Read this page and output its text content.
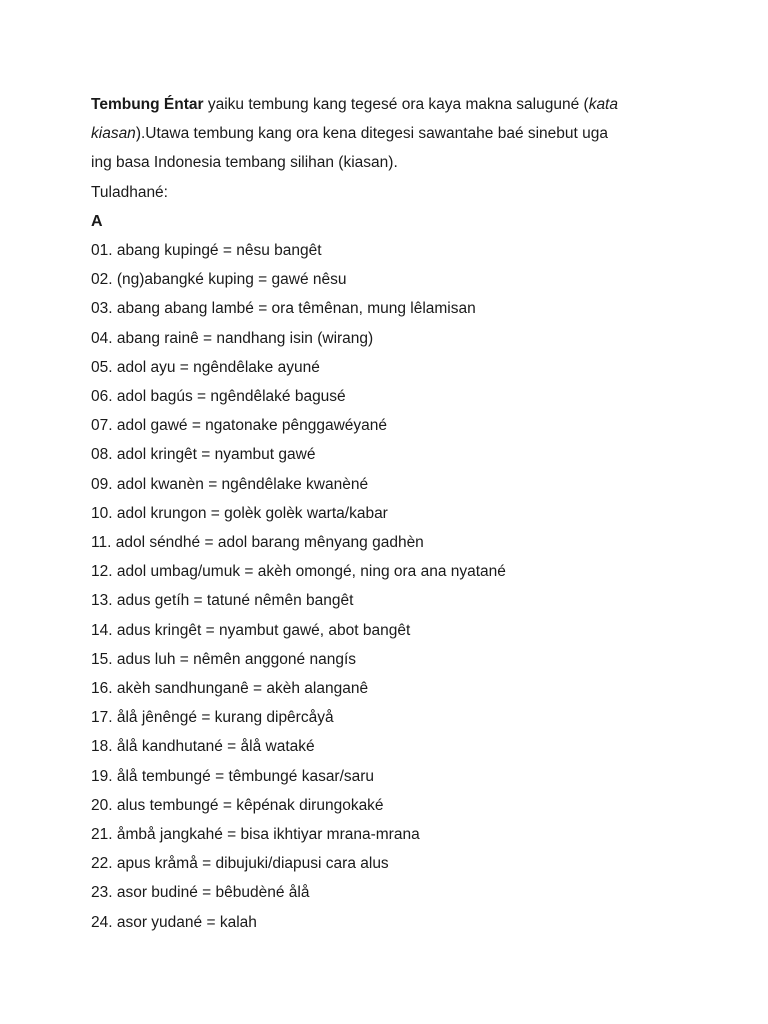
Tembung Éntar yaiku tembung kang tegesé ora kaya makna saluguné (kata
kiasan).Utawa tembung kang ora kena ditegesi sawantahe baé sinebut uga
ing basa Indonesia tembang silihan (kiasan).
Tuladhané:
A
01. abang kupingé = nêsu bangêt
02. (ng)abangké kuping = gawé nêsu
03. abang abang lambé = ora têmênan, mung lêlamisan
04. abang rainê = nandhang isin (wirang)
05. adol ayu = ngêndêlake ayuné
06. adol bagús = ngêndêlaké bagusé
07. adol gawé = ngatonake pênggawéyané
08. adol kringêt = nyambut gawé
09. adol kwanèn = ngêndêlake kwanèné
10. adol krungon = golèk golèk warta/kabar
11. adol séndhé = adol barang mênyang gadhèn
12. adol umbag/umuk = akèh omongé, ning ora ana nyatané
13. adus getíh = tatuné nêmên bangêt
14. adus kringêt = nyambut gawé, abot bangêt
15. adus luh = nêmên anggoné nangís
16. akèh sandhunganê = akèh alanganê
17. ålå jênêngé = kurang dipêrcåyå
18. ålå kandhutané = ålå wataké
19. ålå tembungé = têmbungé kasar/saru
20. alus tembungé = kêpénak dirungokaké
21. åmbå jangkahé = bisa ikhtiyar mrana-mrana
22. apus kråmå = dibujuki/diapusi cara alus
23. asor budiné = bêbudèné ålå
24. asor yudané = kalah
